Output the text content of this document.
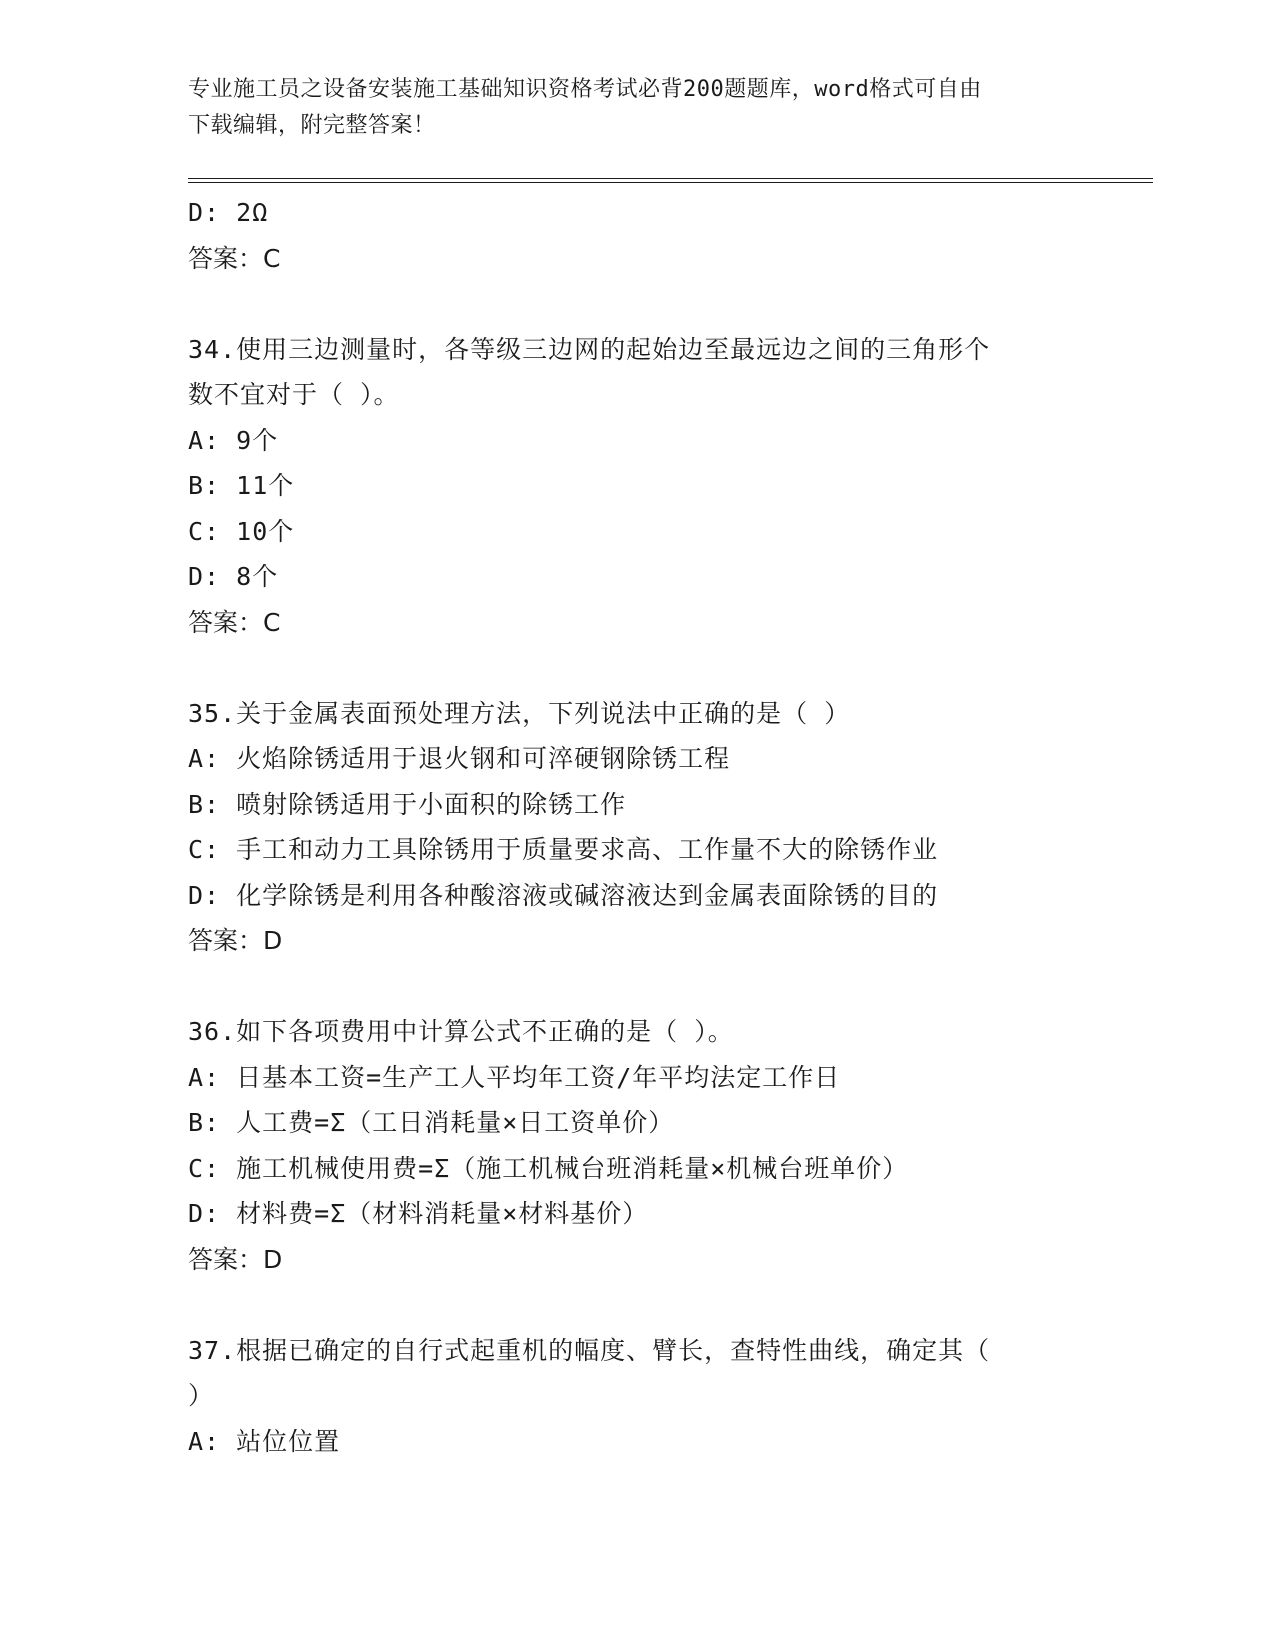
专业施工员之设备安装施工基础知识资格考试必背200题题库，word格式可自由
下载编辑，附完整答案！
D: 2Ω
答案：C
34.使用三边测量时，各等级三边网的起始边至最远边之间的三角形个
数不宜对于（ ）。
A: 9个
B: 11个
C: 10个
D: 8个
答案：C
35.关于金属表面预处理方法，下列说法中正确的是（ ）
A: 火焰除锈适用于退火钢和可淬硬钢除锈工程
B: 喷射除锈适用于小面积的除锈工作
C: 手工和动力工具除锈用于质量要求高、工作量不大的除锈作业
D: 化学除锈是利用各种酸溶液或碱溶液达到金属表面除锈的目的
答案：D
36.如下各项费用中计算公式不正确的是（ ）。
A: 日基本工资=生产工人平均年工资/年平均法定工作日
B: 人工费=Σ（工日消耗量×日工资单价）
C: 施工机械使用费=Σ（施工机械台班消耗量×机械台班单价）
D: 材料费=Σ（材料消耗量×材料基价）
答案：D
37.根据已确定的自行式起重机的幅度、臂长，查特性曲线，确定其（
）
A: 站位位置
